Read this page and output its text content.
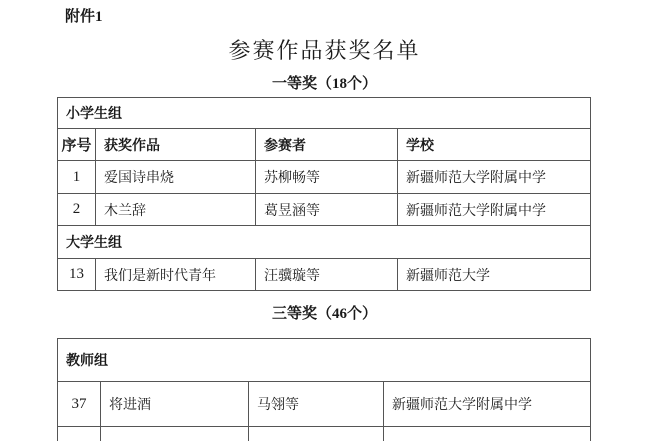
附件1
参赛作品获奖名单
一等奖（18个）
小学生组			
序号	获奖作品	参赛者	学校
1	爱国诗串烧	苏柳畅等	新疆师范大学附属中学
2	木兰辞	葛昱涵等	新疆师范大学附属中学
大学生组			
13	我们是新时代青年	汪骥璇等	新疆师范大学
三等奖（46个）
教师组			
37	将进酒	马翎等	新疆师范大学附属中学
